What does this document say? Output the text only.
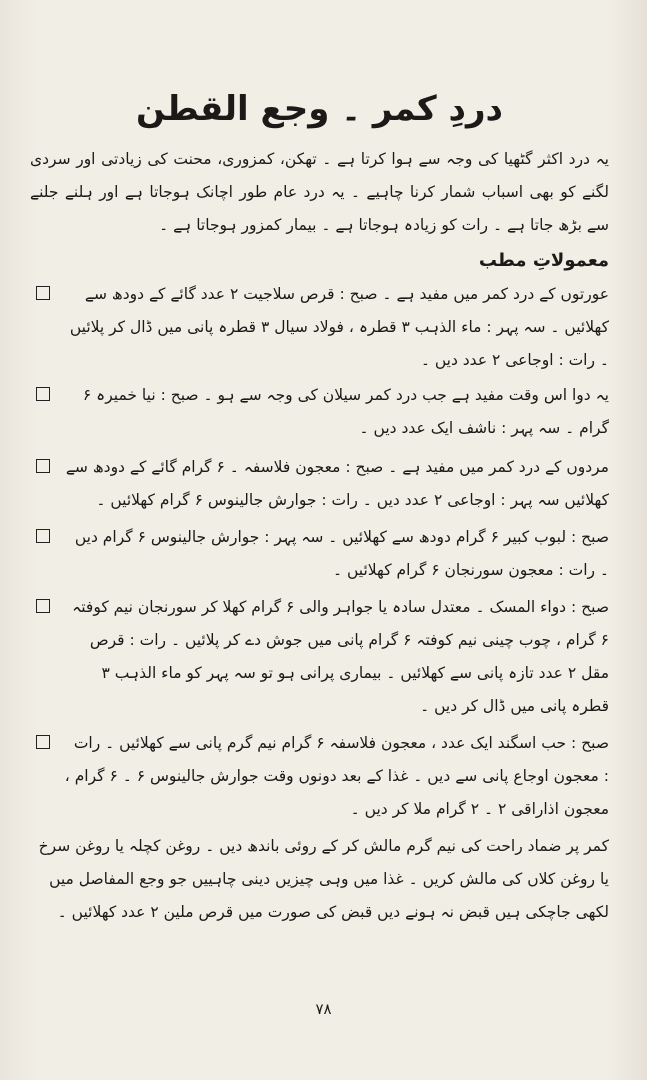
دردِ کمر ۔ وجع القطن

یہ درد اکثر گٹھیا کی وجہ سے ہوا کرتا ہے ۔ تھکن، کمزوری، محنت کی زیادتی اور سردی لگنے کو بھی اسباب شمار کرنا چاہیے ۔ یہ درد عام طور اچانک ہوجاتا ہے اور ہلنے جلنے سے بڑھ جاتا ہے ۔ رات کو زیادہ ہوجاتا ہے ۔ بیمار کمزور ہوجاتا ہے ۔

معمولاتِ مطب
عورتوں کے درد کمر میں مفید ہے ۔ صبح : قرص سلاجیت ۲ عدد گائے کے دودھ سے کھلائیں ۔ سہ پہر : ماء الذہب ۳ قطرہ ، فولاد سیال ۳ قطرہ پانی میں ڈال کر پلائیں ۔ رات : اوجاعی ۲ عدد دیں ۔
یہ دوا اس وقت مفید ہے جب درد کمر سیلان کی وجہ سے ہو ۔ صبح : نیا خمیرہ ۶ گرام ۔ سہ پہر : ناشف ایک عدد دیں ۔
مردوں کے درد کمر میں مفید ہے ۔ صبح : معجون فلاسفہ ۔ ۶ گرام گائے کے دودھ سے کھلائیں سہ پہر : اوجاعی ۲ عدد دیں ۔ رات : جوارش جالینوس ۶ گرام کھلائیں ۔
صبح : لبوب کبیر ۶ گرام دودھ سے کھلائیں ۔ سہ پہر : جوارش جالینوس ۶ گرام دیں ۔ رات : معجون سورنجان ۶ گرام کھلائیں ۔
صبح : دواء المسک ۔ معتدل سادہ یا جواہر والی ۶ گرام کھلا کر سورنجان نیم کوفتہ ۶ گرام ، چوب چینی نیم کوفتہ ۶ گرام پانی میں جوش دے کر پلائیں ۔ رات : قرص مقل ۲ عدد تازہ پانی سے کھلائیں ۔ بیماری پرانی ہو تو سہ پہر کو ماء الذہب ۳ قطرہ پانی میں ڈال کر دیں ۔
صبح : حب اسگند ایک عدد ، معجون فلاسفہ ۶ گرام نیم گرم پانی سے کھلائیں ۔ رات : معجون اوجاع پانی سے دیں ۔ غذا کے بعد دونوں وقت جوارش جالینوس ۶ ۔ ۶ گرام ، معجون اذاراقی ۲ ۔ ۲ گرام ملا کر دیں ۔

کمر پر ضماد راحت کی نیم گرم مالش کر کے روئی باندھ دیں ۔ روغن کچلہ یا روغن سرخ یا روغن کلاں کی مالش کریں ۔ غذا میں وہی چیزیں دینی چاہییں جو وجع المفاصل میں لکھی جاچکی ہیں قبض نہ ہونے دیں قبض کی صورت میں قرص ملین ۲ عدد کھلائیں ۔

۷۸
